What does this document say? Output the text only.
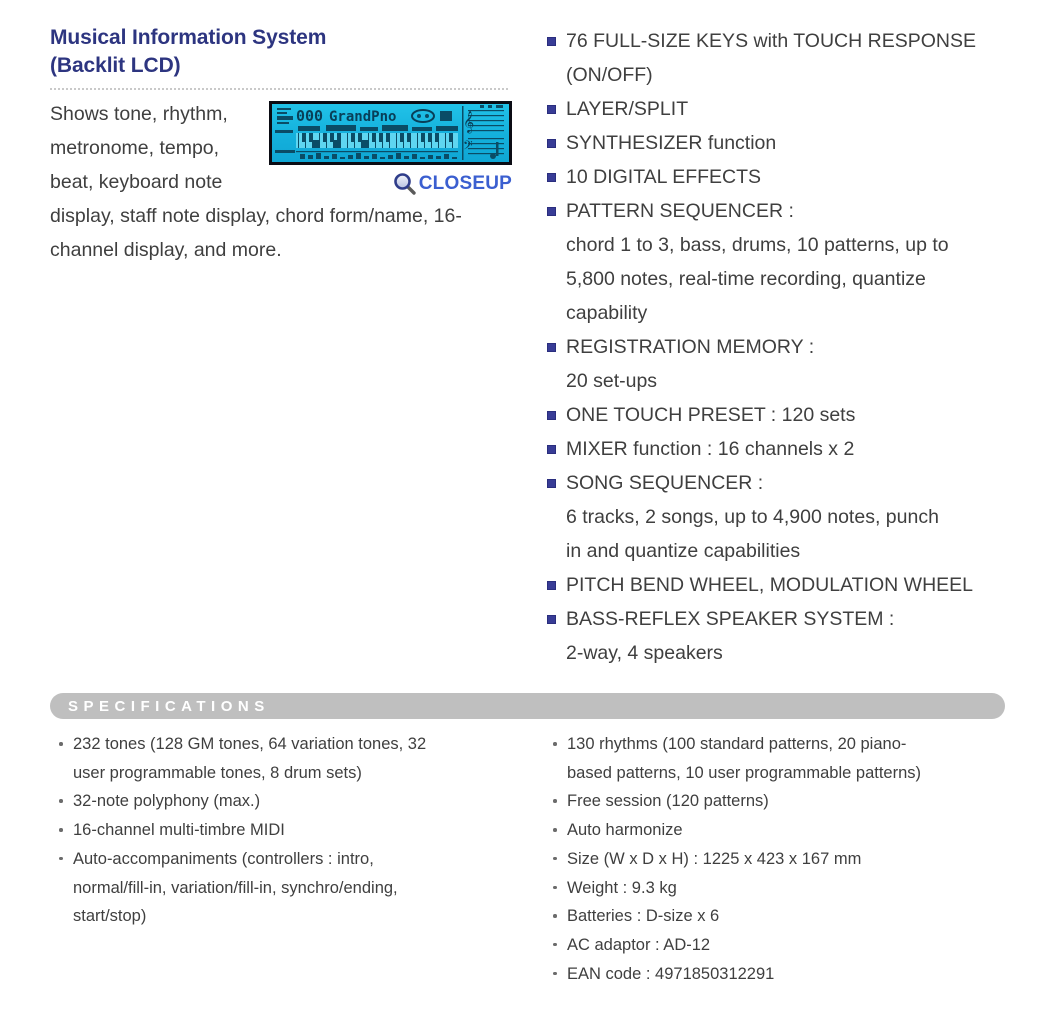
Musical Information System
(Backlit LCD)
000 GrandPno	𝄞
𝄢
CLOSEUP

Shows tone, rhythm, metronome, tempo, beat, keyboard note display, staff note display, chord form/name, 16-channel display, and more.

76 FULL-SIZE KEYS with TOUCH RESPONSE
(ON/OFF)
LAYER/SPLIT
SYNTHESIZER function
10 DIGITAL EFFECTS
PATTERN SEQUENCER :
chord 1 to 3, bass, drums, 10 patterns, up to
5,800 notes, real-time recording, quantize
capability
REGISTRATION MEMORY :
20 set-ups
ONE TOUCH PRESET : 120 sets
MIXER function : 16 channels x 2
SONG SEQUENCER :
6 tracks, 2 songs, up to 4,900 notes, punch
in and quantize capabilities
PITCH BEND WHEEL, MODULATION WHEEL
BASS-REFLEX SPEAKER SYSTEM :
2-way, 4 speakers
SPECIFICATIONS
232 tones (128 GM tones, 64 variation tones, 32
user programmable tones, 8 drum sets)
32-note polyphony (max.)
16-channel multi-timbre MIDI
Auto-accompaniments (controllers : intro,
normal/fill-in, variation/fill-in, synchro/ending,
start/stop)
130 rhythms (100 standard patterns, 20 piano-
based patterns, 10 user programmable patterns)
Free session (120 patterns)
Auto harmonize
Size (W x D x H) : 1225 x 423 x 167 mm
Weight : 9.3 kg
Batteries : D-size x 6
AC adaptor : AD-12
EAN code : 4971850312291
